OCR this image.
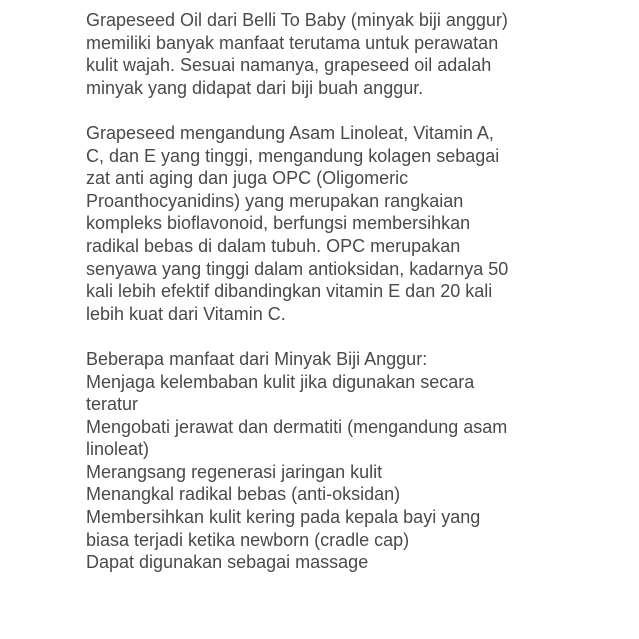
Grapeseed Oil dari Belli To Baby (minyak biji anggur)
memiliki banyak manfaat terutama untuk perawatan
kulit wajah. Sesuai namanya, grapeseed oil adalah
minyak yang didapat dari biji buah anggur.

Grapeseed mengandung Asam Linoleat, Vitamin A,
C, dan E yang tinggi, mengandung kolagen sebagai
zat anti aging dan juga OPC (Oligomeric
Proanthocyanidins) yang merupakan rangkaian
kompleks bioflavonoid, berfungsi membersihkan
radikal bebas di dalam tubuh. OPC merupakan
senyawa yang tinggi dalam antioksidan, kadarnya 50
kali lebih efektif dibandingkan vitamin E dan 20 kali
lebih kuat dari Vitamin C.

Beberapa manfaat dari Minyak Biji Anggur:
Menjaga kelembaban kulit jika digunakan secara
teratur
Mengobati jerawat dan dermatiti (mengandung asam
linoleat)
Merangsang regenerasi jaringan kulit
Menangkal radikal bebas (anti-oksidan)
Membersihkan kulit kering pada kepala bayi yang
biasa terjadi ketika newborn (cradle cap)
Dapat digunakan sebagai massage
